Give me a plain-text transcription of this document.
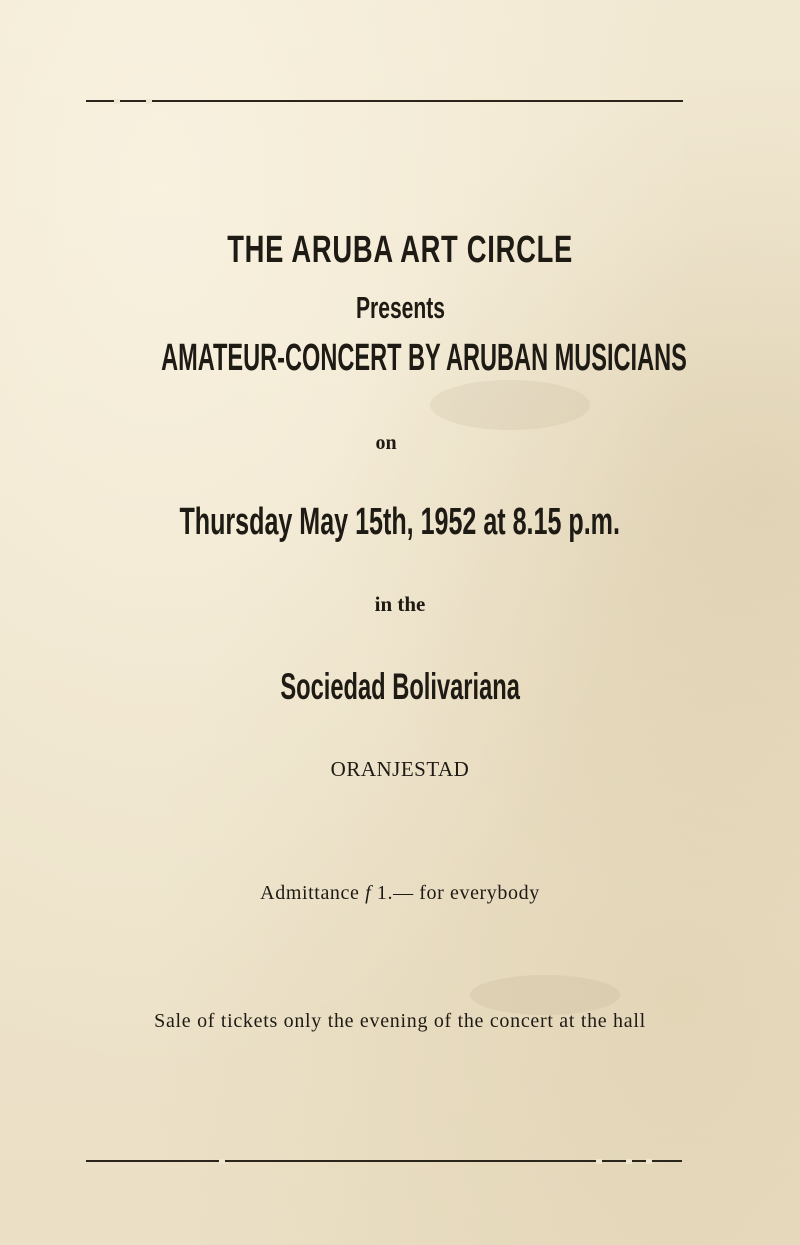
THE ARUBA ART CIRCLE
Presents
AMATEUR-CONCERT BY ARUBAN MUSICIANS
on
Thursday May 15th, 1952 at 8.15 p.m.
in the
Sociedad Bolivariana
ORANJESTAD
Admittance f 1.— for everybody
Sale of tickets only the evening of the concert at the hall
